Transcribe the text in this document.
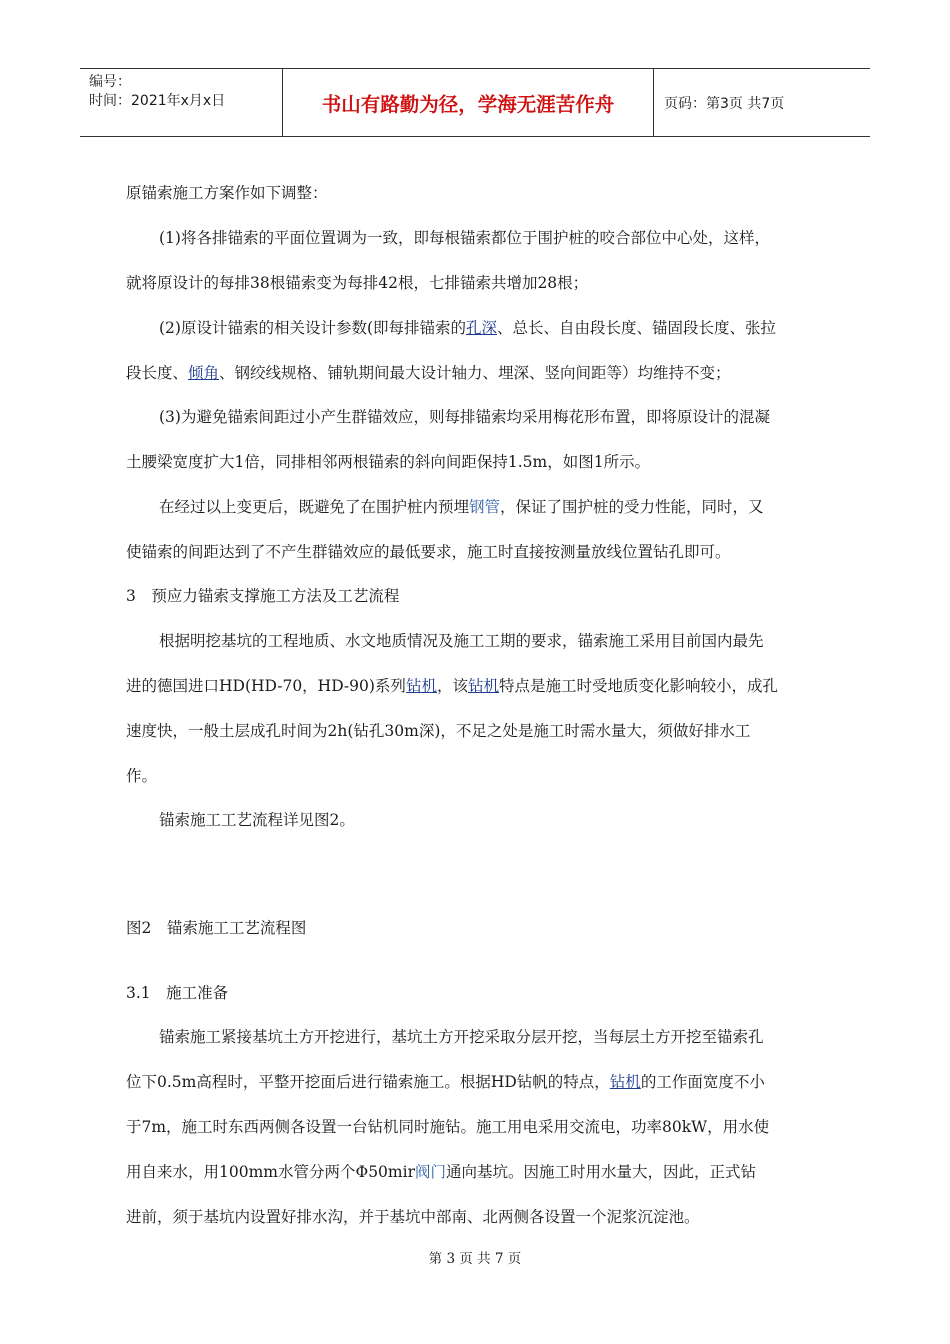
编号：
时间：2021年x月x日	书山有路勤为径，学海无涯苦作舟	页码：第3页 共7页
原锚索施工方案作如下调整：
(1)将各排锚索的平面位置调为一致，即每根锚索都位于围护桩的咬合部位中心处，这样，
就将原设计的每排38根锚索变为每排42根，七排锚索共增加28根；
(2)原设计锚索的相关设计参数(即每排锚索的孔深、总长、自由段长度、锚固段长度、张拉
段长度、倾角、钢绞线规格、铺轨期间最大设计轴力、埋深、竖向间距等）均维持不变；
(3)为避免锚索间距过小产生群锚效应，则每排锚索均采用梅花形布置，即将原设计的混凝
土腰梁宽度扩大1倍，同排相邻两根锚索的斜向间距保持1.5m，如图1所示。
在经过以上变更后，既避免了在围护桩内预埋钢管，保证了围护桩的受力性能，同时，又
使锚索的间距达到了不产生群锚效应的最低要求，施工时直接按测量放线位置钻孔即可。
3　预应力锚索支撑施工方法及工艺流程
根据明挖基坑的工程地质、水文地质情况及施工工期的要求，锚索施工采用目前国内最先
进的德国进口HD(HD-70，HD-90)系列钻机，该钻机特点是施工时受地质变化影响较小，成孔
速度快，一般土层成孔时间为2h(钻孔30m深)，不足之处是施工时需水量大，须做好排水工
作。
锚索施工工艺流程详见图2。
图2　锚索施工工艺流程图
3.1　施工准备
锚索施工紧接基坑土方开挖进行，基坑土方开挖采取分层开挖，当每层土方开挖至锚索孔
位下0.5m高程时，平整开挖面后进行锚索施工。根据HD钻帆的特点，钻机的工作面宽度不小
于7m，施工时东西两侧各设置一台钻机同时施钻。施工用电采用交流电，功率80kW，用水使
用自来水，用100mm水管分两个Φ50mir阀门通向基坑。因施工时用水量大，因此，正式钻
进前，须于基坑内设置好排水沟，并于基坑中部南、北两侧各设置一个泥浆沉淀池。
第 3 页 共 7 页
